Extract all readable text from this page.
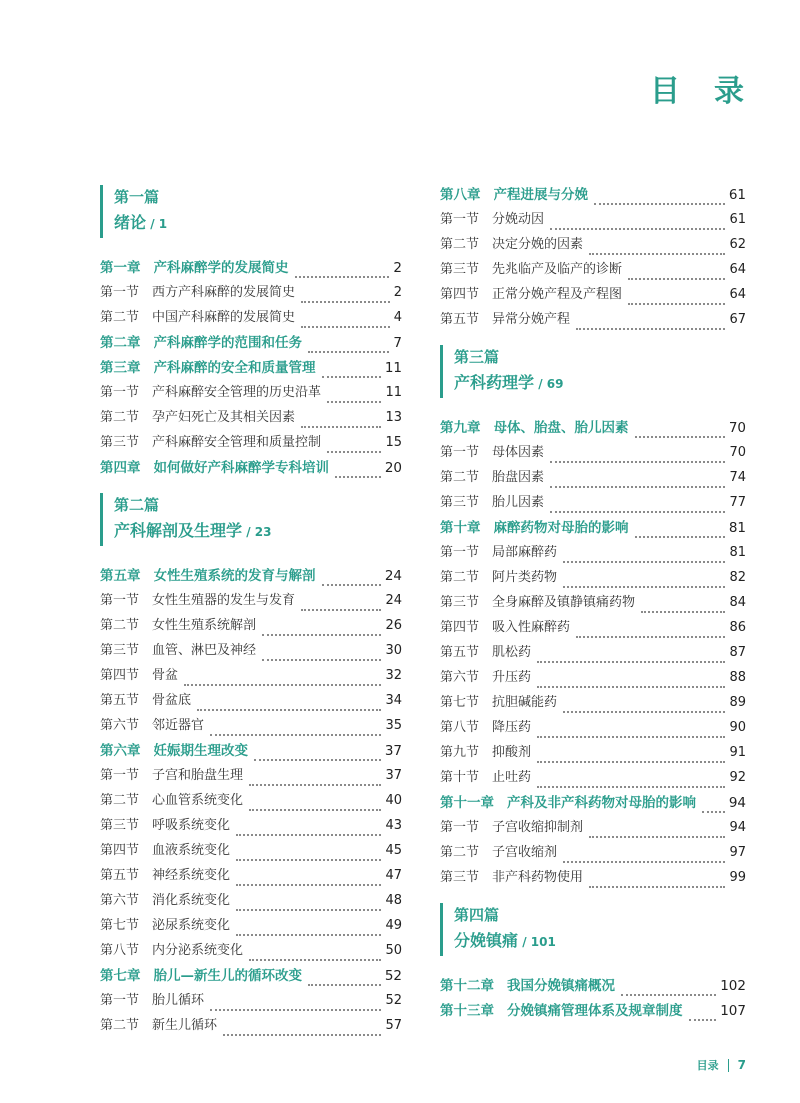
目　录
第一篇
绪论 / 1
第一章 产科麻醉学的发展简史	2
第一节 西方产科麻醉的发展简史	2
第二节 中国产科麻醉的发展简史	4
第二章 产科麻醉学的范围和任务	7
第三章 产科麻醉的安全和质量管理	11
第一节 产科麻醉安全管理的历史沿革	11
第二节 孕产妇死亡及其相关因素	13
第三节 产科麻醉安全管理和质量控制	15
第四章 如何做好产科麻醉学专科培训	20
第二篇
产科解剖及生理学 / 23
第五章 女性生殖系统的发育与解剖	24
第一节 女性生殖器的发生与发育	24
第二节 女性生殖系统解剖	26
第三节 血管、淋巴及神经	30
第四节 骨盆	32
第五节 骨盆底	34
第六节 邻近器官	35
第六章 妊娠期生理改变	37
第一节 子宫和胎盘生理	37
第二节 心血管系统变化	40
第三节 呼吸系统变化	43
第四节 血液系统变化	45
第五节 神经系统变化	47
第六节 消化系统变化	48
第七节 泌尿系统变化	49
第八节 内分泌系统变化	50
第七章 胎儿—新生儿的循环改变	52
第一节 胎儿循环	52
第二节 新生儿循环	57
第八章 产程进展与分娩	61
第一节 分娩动因	61
第二节 决定分娩的因素	62
第三节 先兆临产及临产的诊断	64
第四节 正常分娩产程及产程图	64
第五节 异常分娩产程	67
第三篇
产科药理学 / 69
第九章 母体、胎盘、胎儿因素	70
第一节 母体因素	70
第二节 胎盘因素	74
第三节 胎儿因素	77
第十章 麻醉药物对母胎的影响	81
第一节 局部麻醉药	81
第二节 阿片类药物	82
第三节 全身麻醉及镇静镇痛药物	84
第四节 吸入性麻醉药	86
第五节 肌松药	87
第六节 升压药	88
第七节 抗胆碱能药	89
第八节 降压药	90
第九节 抑酸剂	91
第十节 止吐药	92
第十一章 产科及非产科药物对母胎的影响 94
第一节 子宫收缩抑制剂	94
第二节 子宫收缩剂	97
第三节 非产科药物使用	99
第四篇
分娩镇痛 / 101
第十二章 我国分娩镇痛概况	102
第十三章 分娩镇痛管理体系及规章制度	107
目录 7
